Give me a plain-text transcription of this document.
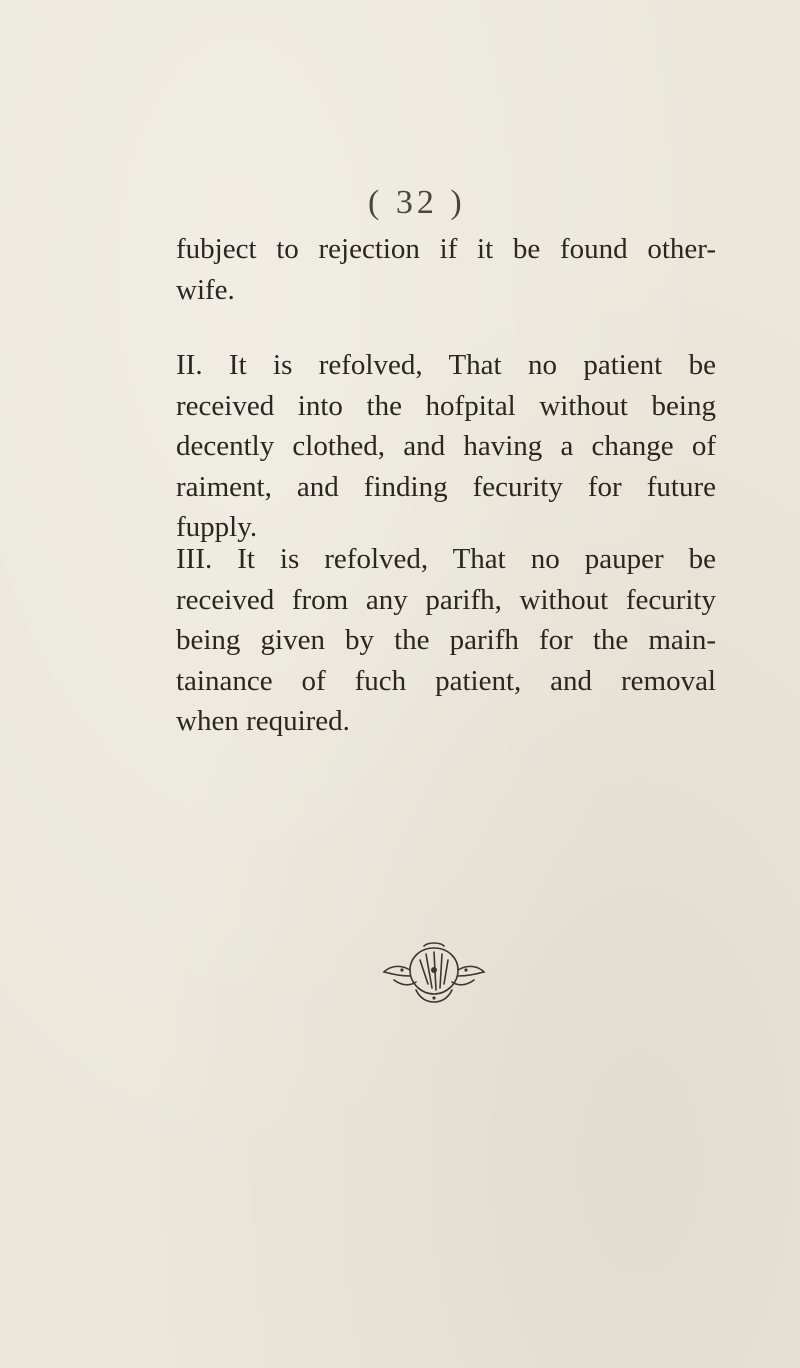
( 32 )
fubject to rejection if it be found other-
wife.
II. It is refolved, That no patient be
received into the hofpital without being
decently clothed, and having a change of
raiment, and finding fecurity for future
fupply.
III. It is refolved, That no pauper be
received from any parifh, without fecurity
being given by the parifh for the main-
tainance of fuch patient, and removal
when required.
